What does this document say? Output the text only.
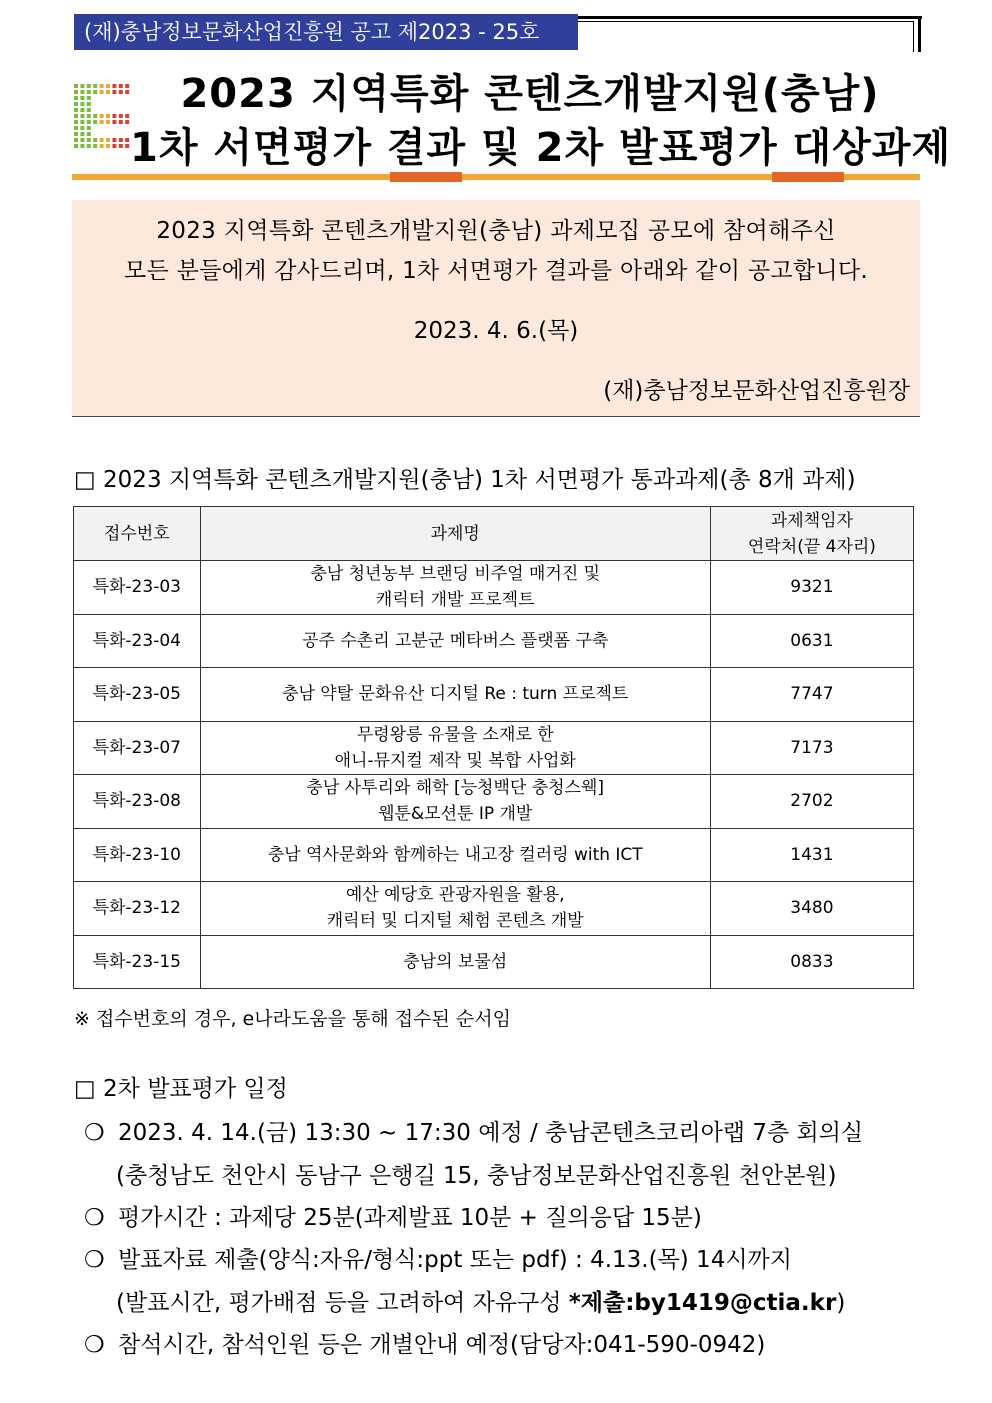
(재)충남정보문화산업진흥원 공고 제2023 - 25호
2023 지역특화 콘텐츠개발지원(충남)
1차 서면평가 결과 및 2차 발표평가 대상과제
2023 지역특화 콘텐츠개발지원(충남) 과제모집 공모에 참여해주신
모든 분들에게 감사드리며, 1차 서면평가 결과를 아래와 같이 공고합니다.
2023. 4. 6.(목)
(재)충남정보문화산업진흥원장
□ 2023 지역특화 콘텐츠개발지원(충남) 1차 서면평가 통과과제(총 8개 과제)
접수번호	과제명	과제책임자
연락처(끝 4자리)

특화-23-03	충남 청년농부 브랜딩 비주얼 매거진 및
캐릭터 개발 프로젝트	9321
특화-23-04	공주 수촌리 고분군 메타버스 플랫폼 구축	0631
특화-23-05	충남 약탈 문화유산 디지털 Re : turn 프로젝트	7747
특화-23-07	무령왕릉 유물을 소재로 한
애니-뮤지컬 제작 및 복합 사업화	7173
특화-23-08	충남 사투리와 해학 [능청백단 충청스웩]
웹툰&모션툰 IP 개발	2702
특화-23-10	충남 역사문화와 함께하는 내고장 컬러링 with ICT	1431
특화-23-12	예산 예당호 관광자원을 활용,
캐릭터 및 디지털 체험 콘텐츠 개발	3480
특화-23-15	충남의 보물섬	0833
※ 접수번호의 경우, e나라도움을 통해 접수된 순서임
□ 2차 발표평가 일정
❍ 2023. 4. 14.(금) 13:30 ~ 17:30 예정 / 충남콘텐츠코리아랩 7층 회의실
(충청남도 천안시 동남구 은행길 15, 충남정보문화산업진흥원 천안본원)
❍ 평가시간 : 과제당 25분(과제발표 10분 + 질의응답 15분)
❍ 발표자료 제출(양식:자유/형식:ppt 또는 pdf) : 4.13.(목) 14시까지
(발표시간, 평가배점 등을 고려하여 자유구성 *제출:by1419@ctia.kr)
❍ 참석시간, 참석인원 등은 개별안내 예정(담당자:041-590-0942)
